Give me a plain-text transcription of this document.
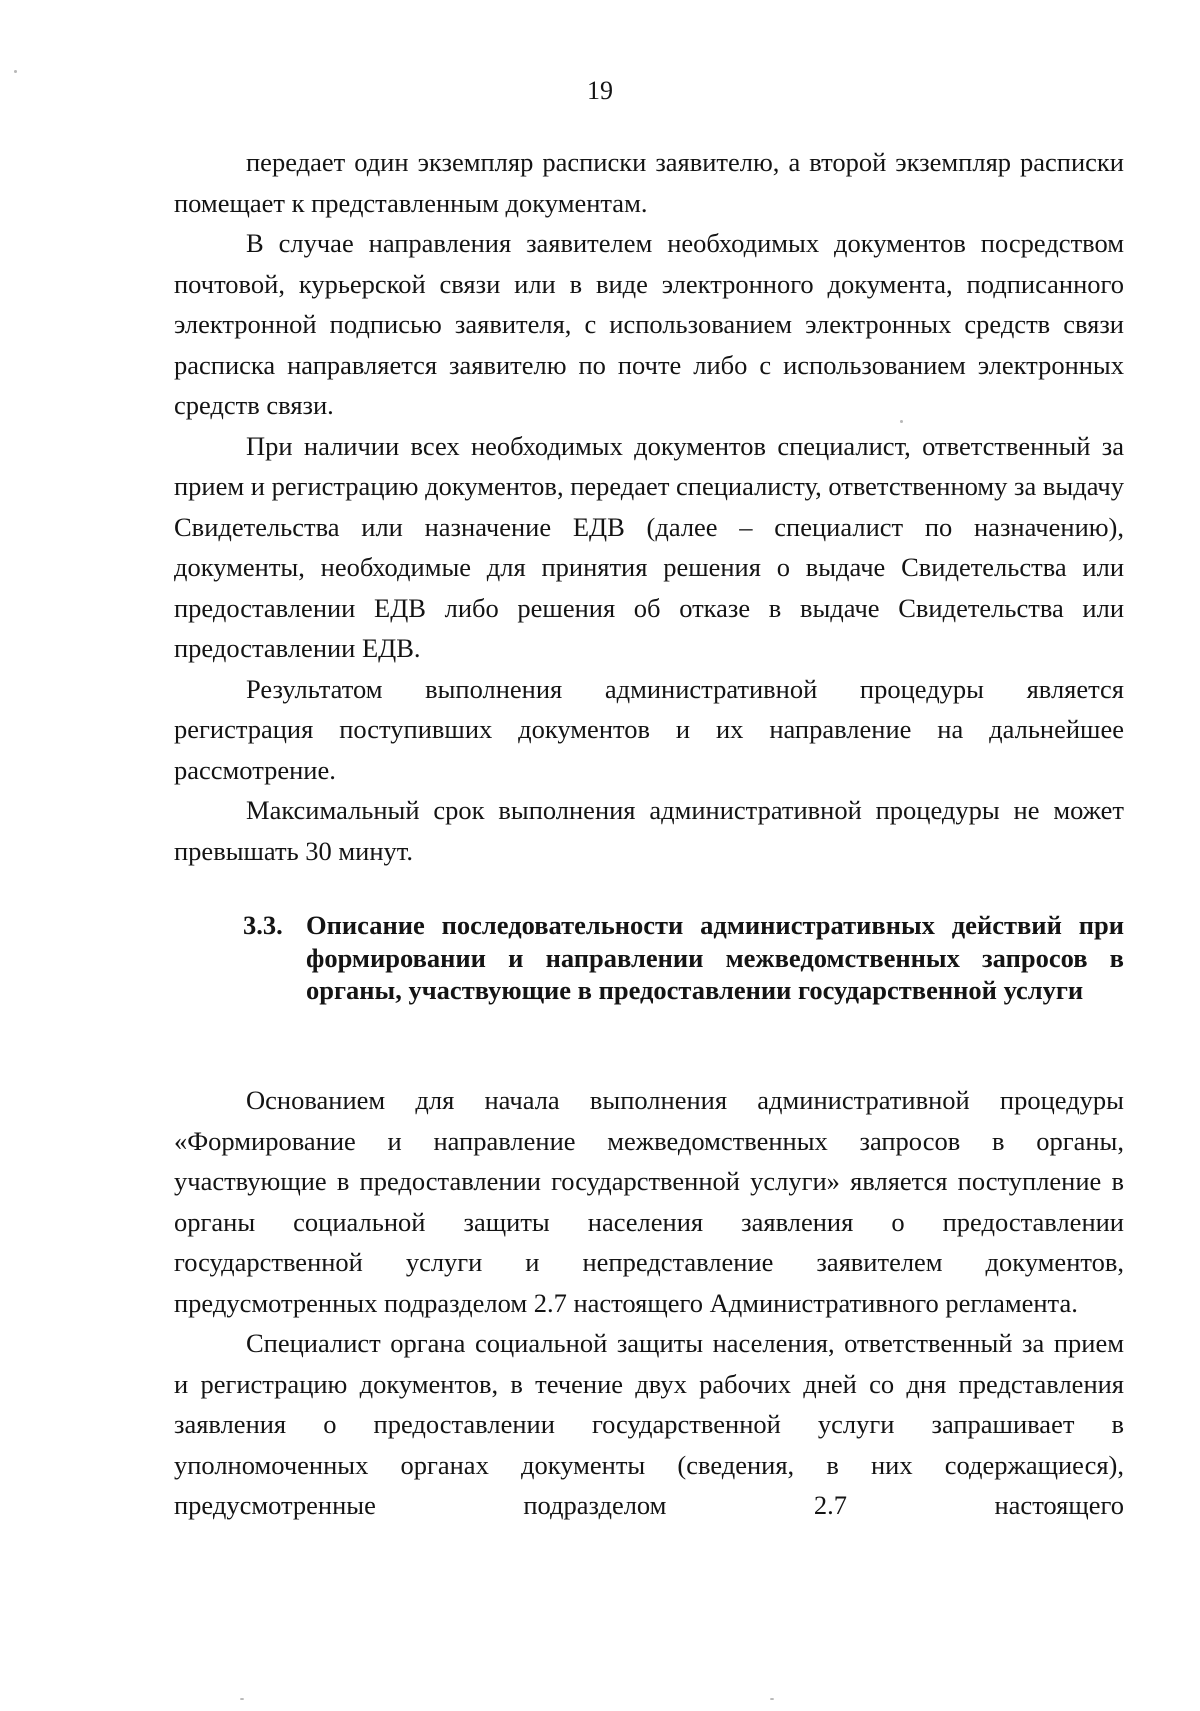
19

передает один экземпляр расписки заявителю, а второй экземпляр расписки помещает к представленным документам.

В случае направления заявителем необходимых документов посредством почтовой, курьерской связи или в виде электронного документа, подписанного электронной подписью заявителя, с использованием электронных средств связи расписка направляется заявителю по почте либо с использованием электронных средств связи.

При наличии всех необходимых документов специалист, ответственный за прием и регистрацию документов, передает специалисту, ответственному за выдачу Свидетельства или назначение ЕДВ (далее – специалист по назначению), документы, необходимые для принятия решения о выдаче Свидетельства или предоставлении ЕДВ либо решения об отказе в выдаче Свидетельства или предоставлении ЕДВ.

Результатом выполнения административной процедуры является регистрация поступивших документов и их направление на дальнейшее рассмотрение.

Максимальный срок выполнения административной процедуры не может превышать 30 минут.

3.3. Описание последовательности административных действий при формировании и направлении межведомственных запросов в органы, участвующие в предоставлении государственной услуги

Основанием для начала выполнения административной процедуры «Формирование и направление межведомственных запросов в органы, участвующие в предоставлении государственной услуги» является поступление в органы социальной защиты населения заявления о предоставлении государственной услуги и непредставление заявителем документов, предусмотренных подразделом 2.7 настоящего Административного регламента.

Специалист органа социальной защиты населения, ответственный за прием и регистрацию документов, в течение двух рабочих дней со дня представления заявления о предоставлении государственной услуги запрашивает в уполномоченных органах документы (сведения, в них содержащиеся), предусмотренные подразделом 2.7 настоящего
